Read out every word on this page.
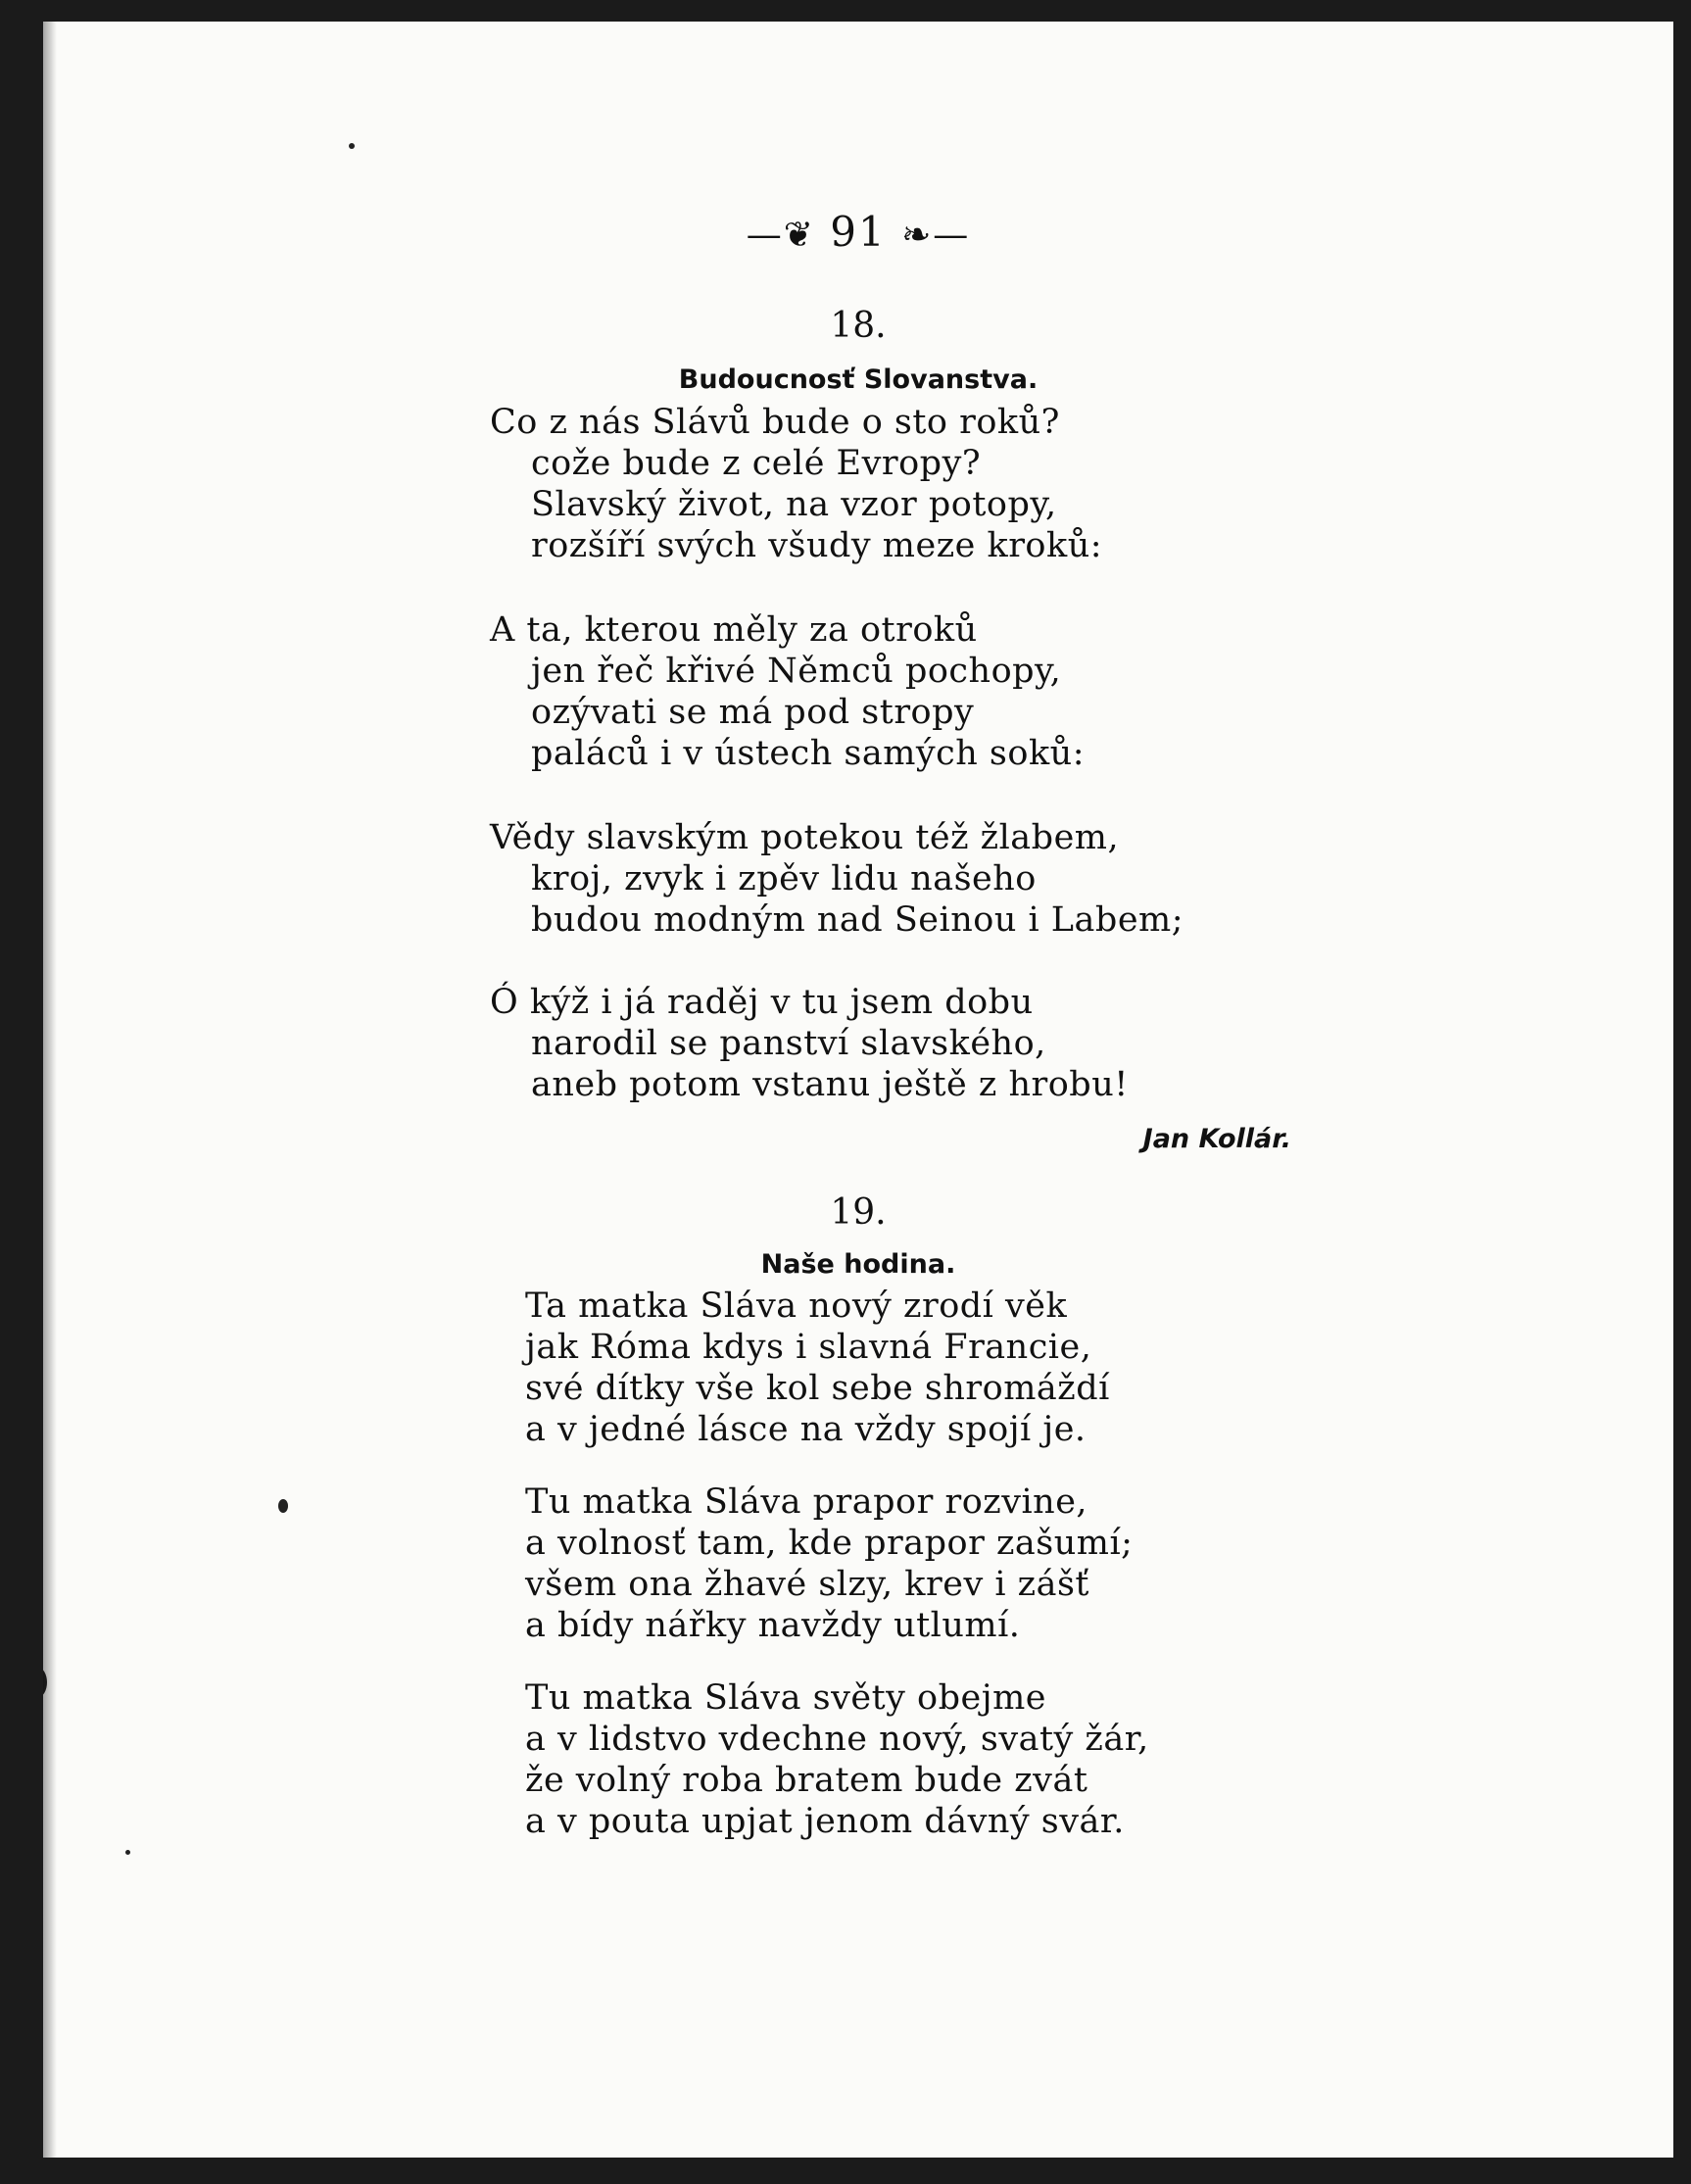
—❦ 91 ❧—
18.
Budoucnosť Slovanstva.
Co z nás Slávů bude o sto roků?
cože bude z celé Evropy?
Slavský život, na vzor potopy,
rozšíří svých všudy meze kroků:
A ta, kterou měly za otroků
jen řeč křivé Němců pochopy,
ozývati se má pod stropy
paláců i v ústech samých soků:
Vědy slavským potekou též žlabem,
kroj, zvyk i zpěv lidu našeho
budou modným nad Seinou i Labem;
Ó kýž i já raděj v tu jsem dobu
narodil se panství slavského,
aneb potom vstanu ještě z hrobu!
Jan Kollár.
19.
Naše hodina.
Ta matka Sláva nový zrodí věk
jak Róma kdys i slavná Francie,
své dítky vše kol sebe shromáždí
a v jedné lásce na vždy spojí je.
Tu matka Sláva prapor rozvine,
a volnosť tam, kde prapor zašumí;
všem ona žhavé slzy, krev i zášť
a bídy nářky navždy utlumí.
Tu matka Sláva světy obejme
a v lidstvo vdechne nový, svatý žár,
že volný roba bratem bude zvát
a v pouta upjat jenom dávný svár.
